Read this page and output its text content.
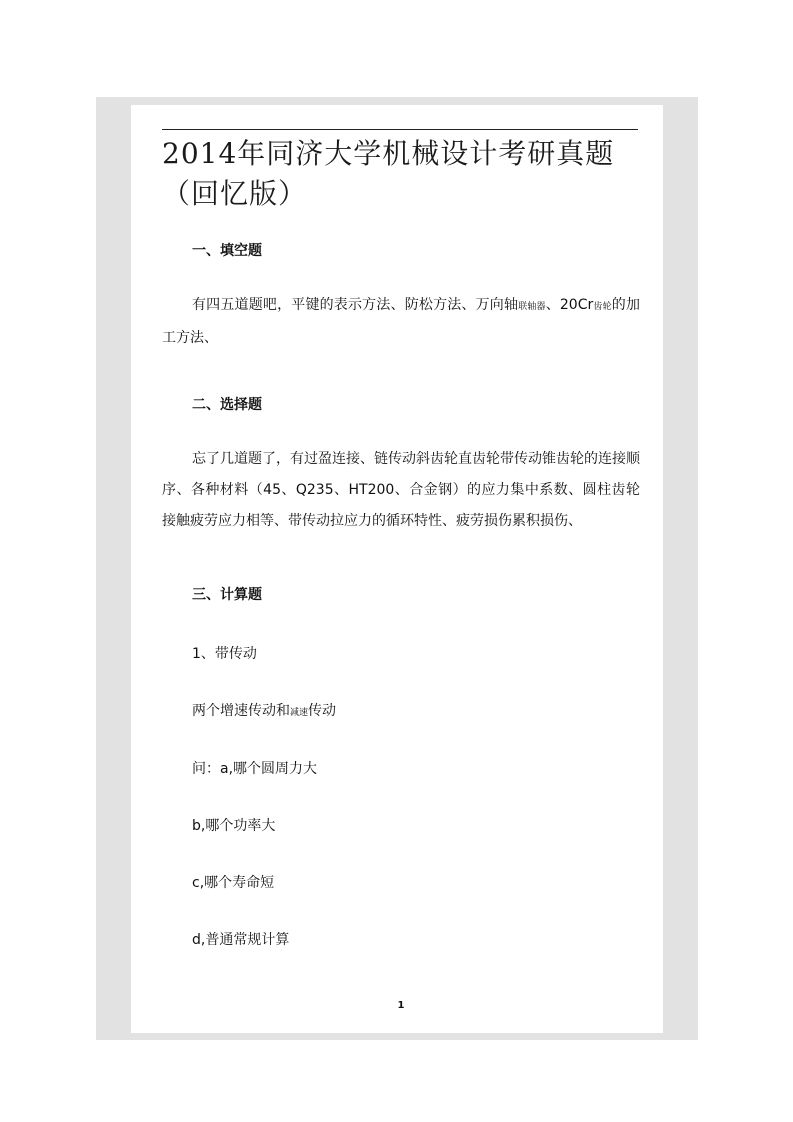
2014年同济大学机械设计考研真题（回忆版）
一、填空题

有四五道题吧，平键的表示方法、防松方法、万向轴联轴器、20Cr齿轮的加工方法、

二、选择题

忘了几道题了，有过盈连接、链传动斜齿轮直齿轮带传动锥齿轮的连接顺序、各种材料（45、Q235、HT200、合金钢）的应力集中系数、圆柱齿轮接触疲劳应力相等、带传动拉应力的循环特性、疲劳损伤累积损伤、

三、计算题

1、带传动

两个增速传动和减速传动

问：a,哪个圆周力大

b,哪个功率大

c,哪个寿命短

d,普通常规计算

1
